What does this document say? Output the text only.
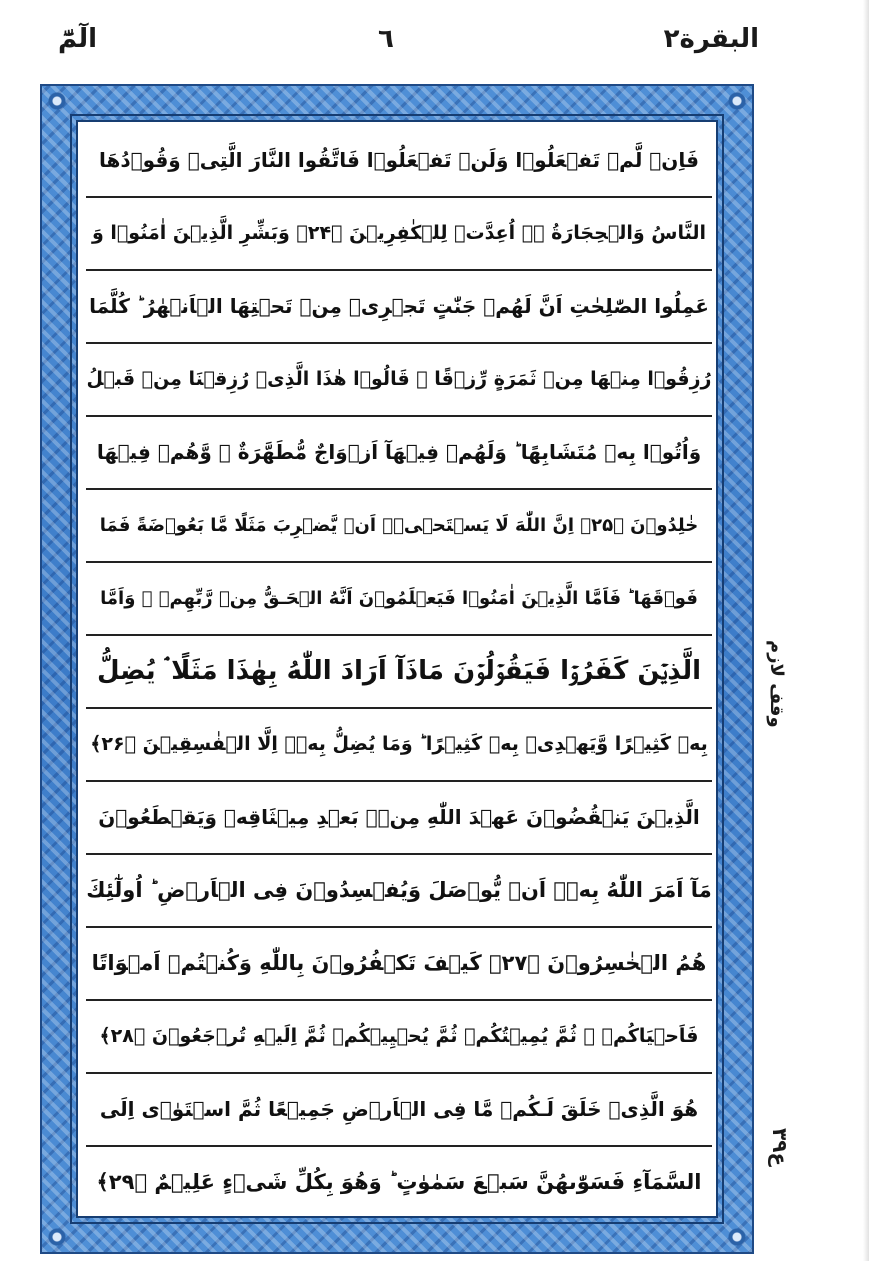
البقرة٢
٦
الٓمّٓ
فَاِنۡ لَّمۡ تَفۡعَلُوۡا وَلَنۡ تَفۡعَلُوۡا فَاتَّقُوا النَّارَ الَّتِىۡ وَقُوۡدُهَا
النَّاسُ وَالۡحِجَارَةُ ۖۚ اُعِدَّتۡ لِلۡكٰفِرِيۡنَ ﴿۲۴﴾ وَبَشِّرِ الَّذِيۡنَ اٰمَنُوۡا وَ
عَمِلُوا الصّٰلِحٰتِ اَنَّ لَهُمۡ جَنّٰتٍ تَجۡرِىۡ مِنۡ تَحۡتِهَا الۡاَنۡهٰرُ ؕ كُلَّمَا
رُزِقُوۡا مِنۡهَا مِنۡ ثَمَرَةٍ رِّزۡقًا ۙ قَالُوۡا هٰذَا الَّذِىۡ رُزِقۡنَا مِنۡ قَبۡلُ
وَاُتُوۡا بِهٖ مُتَشَابِهًا ؕ وَلَهُمۡ فِيۡهَآ اَزۡوَاجٌ مُّطَهَّرَةٌ ۙ وَّهُمۡ فِيۡهَا
خٰلِدُوۡنَ ﴿۲۵﴾ اِنَّ اللّٰهَ لَا يَسۡتَحۡىٖۤ اَنۡ يَّضۡرِبَ مَثَلًا مَّا بَعُوۡضَةً فَمَا
فَوۡقَهَا ؕ فَاَمَّا الَّذِيۡنَ اٰمَنُوۡا فَيَعۡلَمُوۡنَ اَنَّهُ الۡحَـقُّ مِنۡ رَّبِّهِمۡ ۚ وَاَمَّا
الَّذِيۡنَ كَفَرُوۡا فَيَقُوۡلُوۡنَ مَاذَآ اَرَادَ اللّٰهُ بِهٰذَا مَثَلًا ۘ يُضِلُّ
بِهٖ كَثِيۡرًا وَّيَهۡدِىۡ بِهٖ كَثِيۡرًا ؕ وَمَا يُضِلُّ بِهٖۤ اِلَّا الۡفٰسِقِيۡنَ ﴿۲۶﴾
الَّذِيۡنَ يَنۡقُضُوۡنَ عَهۡدَ اللّٰهِ مِنۡۢ بَعۡدِ مِيۡثَاقِهٖ وَيَقۡطَعُوۡنَ
مَآ اَمَرَ اللّٰهُ بِهٖۤ اَنۡ يُّوۡصَلَ وَيُفۡسِدُوۡنَ فِى الۡاَرۡضِ ؕ اُولٰٓئِكَ
هُمُ الۡخٰسِرُوۡنَ ﴿۲۷﴾ كَيۡفَ تَكۡفُرُوۡنَ بِاللّٰهِ وَكُنۡتُمۡ اَمۡوَاتًا
فَاَحۡيَاكُمۡ ۚ ثُمَّ يُمِيۡتُكُمۡ ثُمَّ يُحۡيِيۡكُمۡ ثُمَّ اِلَيۡهِ تُرۡجَعُوۡنَ ﴿۲۸﴾
هُوَ الَّذِىۡ خَلَقَ لَـكُمۡ مَّا فِى الۡاَرۡضِ جَمِيۡعًا ثُمَّ اسۡتَوٰۤى اِلَى
السَّمَآءِ فَسَوّٰٮهُنَّ سَبۡعَ سَمٰوٰتٍ ؕ وَهُوَ بِكُلِّ شَىۡءٍ عَلِيۡمٌ ﴿۲۹﴾
وقف لازم
۳ع۹
